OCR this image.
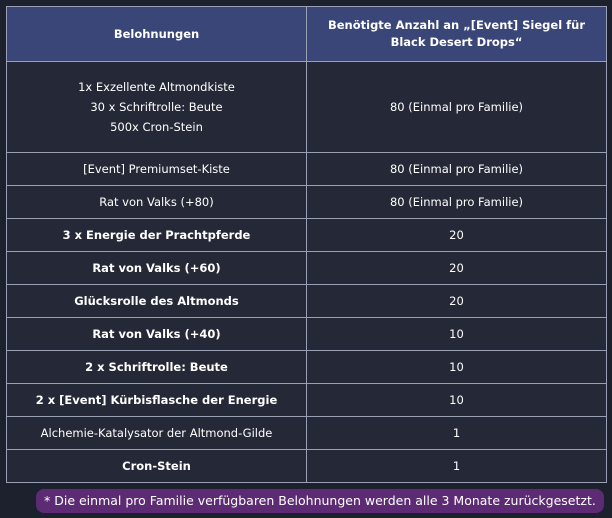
Belohnungen	Benötigte Anzahl an „[Event] Siegel für Black Desert Drops“

1x Exzellente Altmondkiste
30 x Schriftrolle: Beute
500x Cron-Stein	80 (Einmal pro Familie)
[Event] Premiumset-Kiste	80 (Einmal pro Familie)
Rat von Valks (+80)	80 (Einmal pro Familie)
3 x Energie der Prachtpferde	20
Rat von Valks (+60)	20
Glücksrolle des Altmonds	20
Rat von Valks (+40)	10
2 x Schriftrolle: Beute	10
2 x [Event] Kürbisflasche der Energie	10
Alchemie-Katalysator der Altmond-Gilde	1
Cron-Stein	1
* Die einmal pro Familie verfügbaren Belohnungen werden alle 3 Monate zurückgesetzt.
